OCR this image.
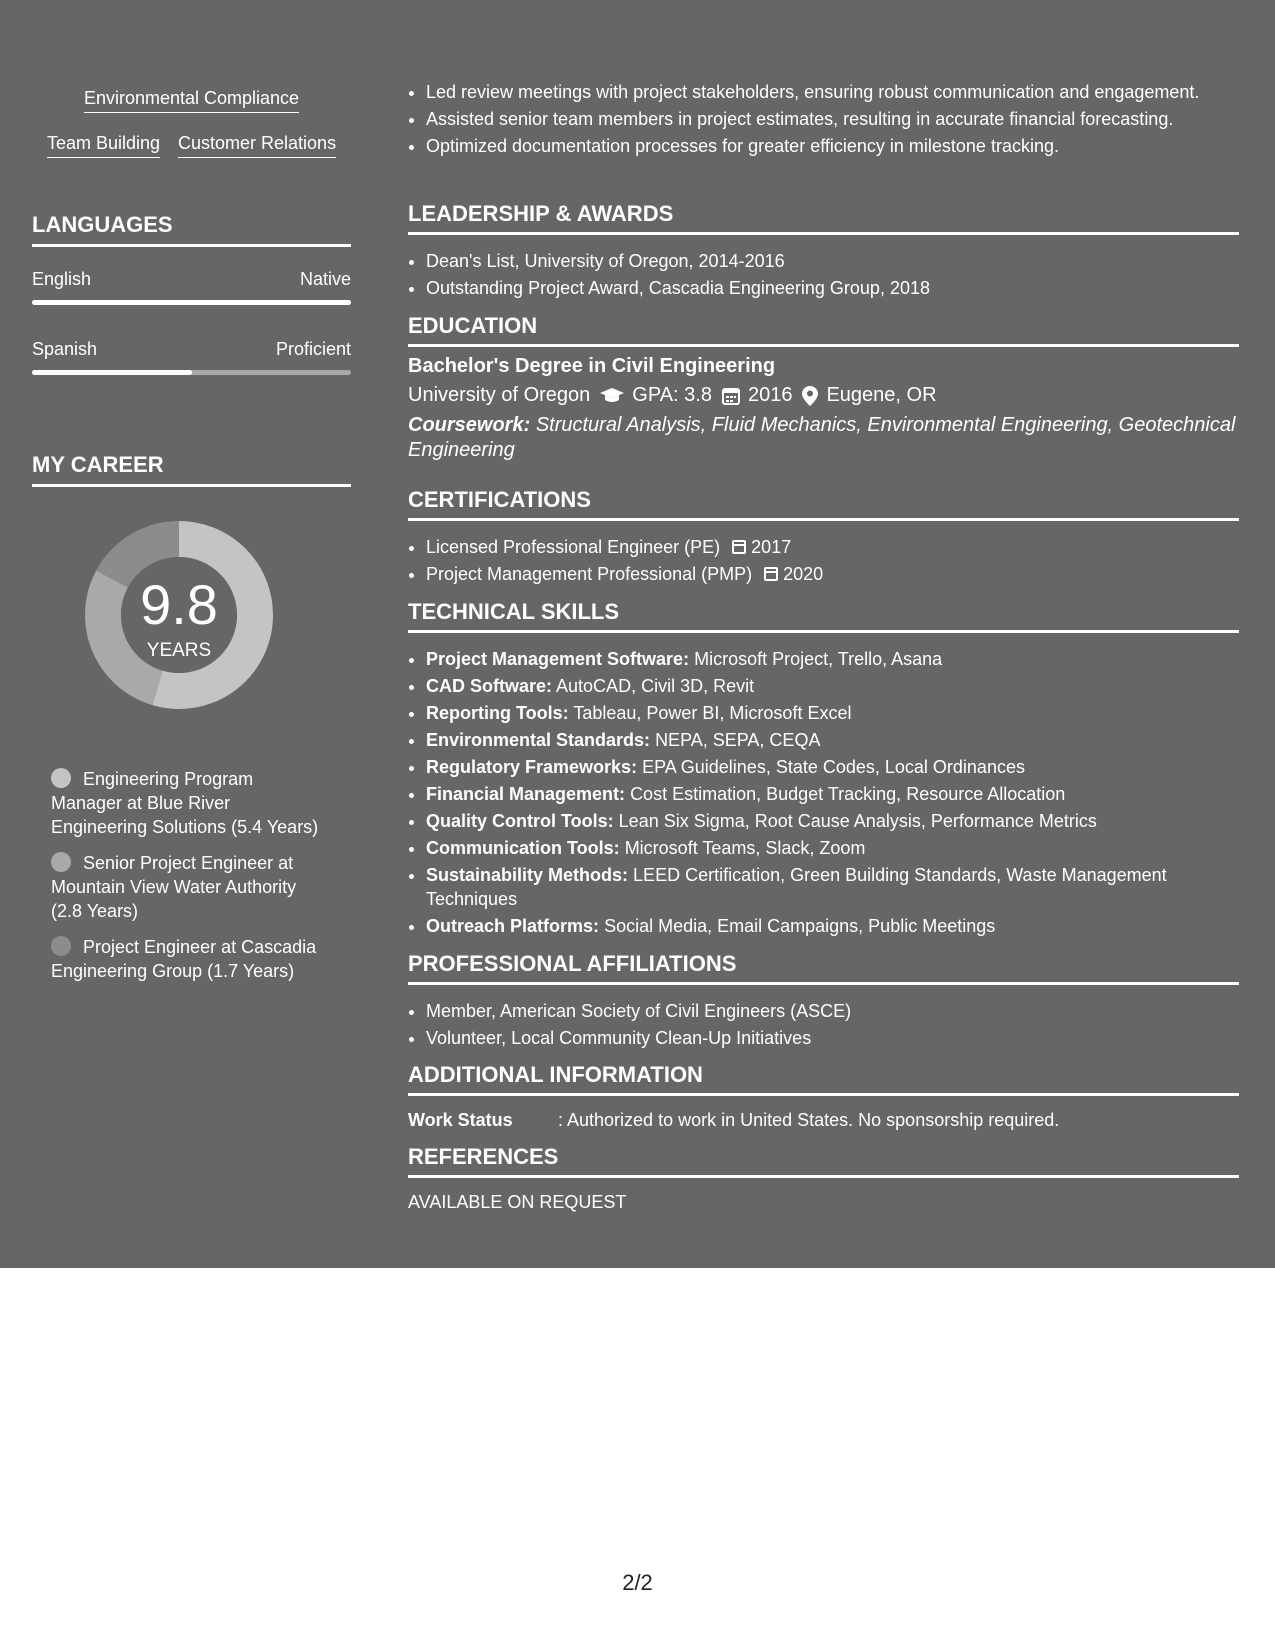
Environmental Compliance
Team Building Customer Relations
LANGUAGES
English	Native
Spanish	Proficient
MY CAREER
9.8
YEARS
Engineering Program Manager at Blue River Engineering Solutions (5.4 Years)
Senior Project Engineer at Mountain View Water Authority (2.8 Years)
Project Engineer at Cascadia Engineering Group (1.7 Years)
• Led review meetings with project stakeholders, ensuring robust communication and engagement.
• Assisted senior team members in project estimates, resulting in accurate financial forecasting.
• Optimized documentation processes for greater efficiency in milestone tracking.
LEADERSHIP & AWARDS
• Dean's List, University of Oregon, 2014-2016
• Outstanding Project Award, Cascadia Engineering Group, 2018
EDUCATION
Bachelor's Degree in Civil Engineering
University of Oregon GPA: 3.8 2016 Eugene, OR
Coursework: Structural Analysis, Fluid Mechanics, Environmental Engineering, Geotechnical Engineering
CERTIFICATIONS
• Licensed Professional Engineer (PE) 2017
• Project Management Professional (PMP) 2020
TECHNICAL SKILLS
• Project Management Software: Microsoft Project, Trello, Asana
• CAD Software: AutoCAD, Civil 3D, Revit
• Reporting Tools: Tableau, Power BI, Microsoft Excel
• Environmental Standards: NEPA, SEPA, CEQA
• Regulatory Frameworks: EPA Guidelines, State Codes, Local Ordinances
• Financial Management: Cost Estimation, Budget Tracking, Resource Allocation
• Quality Control Tools: Lean Six Sigma, Root Cause Analysis, Performance Metrics
• Communication Tools: Microsoft Teams, Slack, Zoom
• Sustainability Methods: LEED Certification, Green Building Standards, Waste Management Techniques
• Outreach Platforms: Social Media, Email Campaigns, Public Meetings
PROFESSIONAL AFFILIATIONS
• Member, American Society of Civil Engineers (ASCE)
• Volunteer, Local Community Clean-Up Initiatives
ADDITIONAL INFORMATION
Work Status	: Authorized to work in United States. No sponsorship required.
REFERENCES
AVAILABLE ON REQUEST
2/2
